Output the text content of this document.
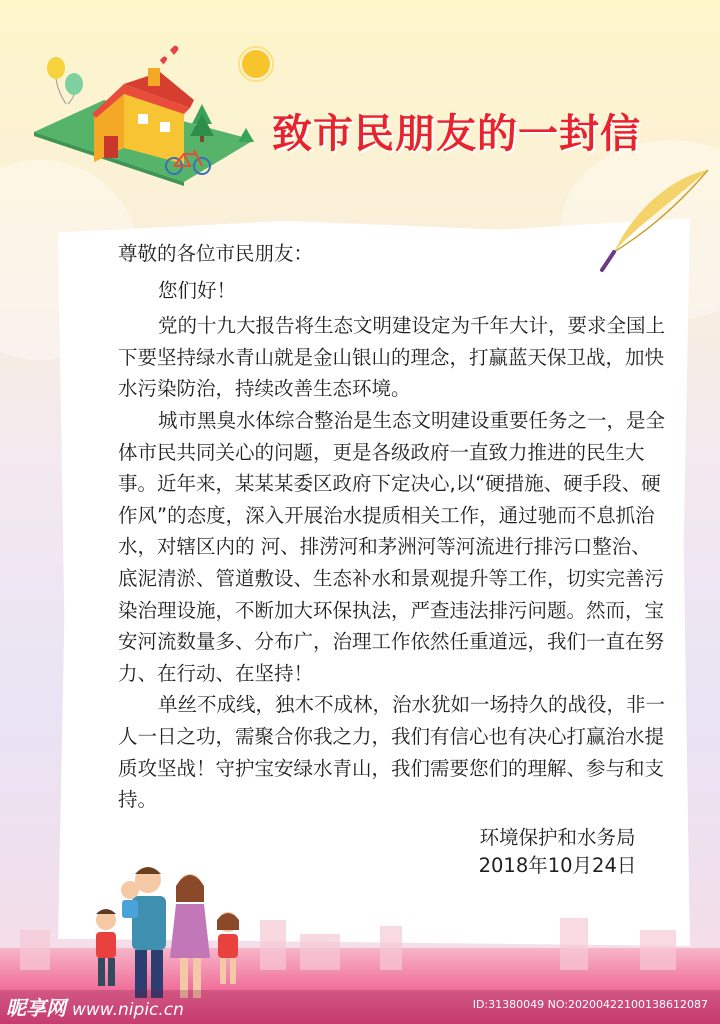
致市民朋友的一封信

尊敬的各位市民朋友：

您们好！

党的十九大报告将生态文明建设定为千年大计，要求全国上下要坚持绿水青山就是金山银山的理念，打赢蓝天保卫战，加快水污染防治，持续改善生态环境。

城市黑臭水体综合整治是生态文明建设重要任务之一，是全体市民共同关心的问题，更是各级政府一直致力推进的民生大事。近年来，某某某委区政府下定决心,以“硬措施、硬手段、硬作风”的态度，深入开展治水提质相关工作，通过驰而不息抓治水，对辖区内的 河、排涝河和茅洲河等河流进行排污口整治、底泥清淤、管道敷设、生态补水和景观提升等工作，切实完善污染治理设施，不断加大环保执法，严查违法排污问题。然而，宝安河流数量多、分布广，治理工作依然任重道远，我们一直在努力、在行动、在坚持！

单丝不成线，独木不成林，治水犹如一场持久的战役，非一人一日之功，需聚合你我之力，我们有信心也有决心打赢治水提质攻坚战！守护宝安绿水青山，我们需要您们的理解、参与和支持。

环境保护和水务局
2018年10月24日
昵享网 www.nipic.cn	ID:31380049 NO:20200422100138612087
